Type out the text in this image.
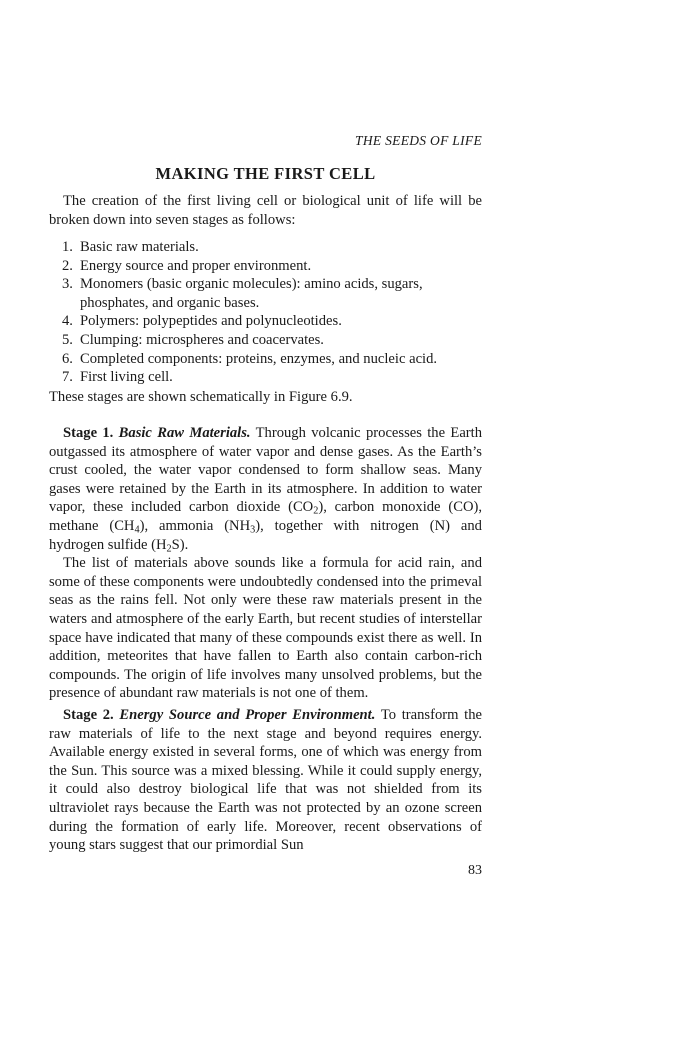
THE SEEDS OF LIFE
MAKING THE FIRST CELL

The creation of the first living cell or biological unit of life will be broken down into seven stages as follows:

1. Basic raw materials.
2. Energy source and proper environment.
3. Monomers (basic organic molecules): amino acids, sugars, phosphates, and organic bases.
4. Polymers: polypeptides and polynucleotides.
5. Clumping: microspheres and coacervates.
6. Completed components: proteins, enzymes, and nucleic acid.
7. First living cell.

These stages are shown schematically in Figure 6.9.

Stage 1. Basic Raw Materials. Through volcanic processes the Earth outgassed its atmosphere of water vapor and dense gases. As the Earth’s crust cooled, the water vapor condensed to form shallow seas. Many gases were retained by the Earth in its atmosphere. In addition to water vapor, these included carbon dioxide $(CO_2)$, carbon monoxide (CO), methane $(CH_4)$, ammonia $(NH_3)$, together with nitrogen (N) and hydrogen sulfide $(H_2S)$.

The list of materials above sounds like a formula for acid rain, and some of these components were undoubtedly condensed into the primeval seas as the rains fell. Not only were these raw materials present in the waters and atmosphere of the early Earth, but recent studies of interstellar space have indicated that many of these compounds exist there as well. In addition, meteorites that have fallen to Earth also contain carbon-rich compounds. The origin of life involves many unsolved problems, but the presence of abundant raw materials is not one of them.

Stage 2. Energy Source and Proper Environment. To transform the raw materials of life to the next stage and beyond requires energy. Available energy existed in several forms, one of which was energy from the Sun. This source was a mixed blessing. While it could supply energy, it could also destroy biological life that was not shielded from its ultraviolet rays because the Earth was not protected by an ozone screen during the formation of early life. Moreover, recent observations of young stars suggest that our primordial Sun

83
